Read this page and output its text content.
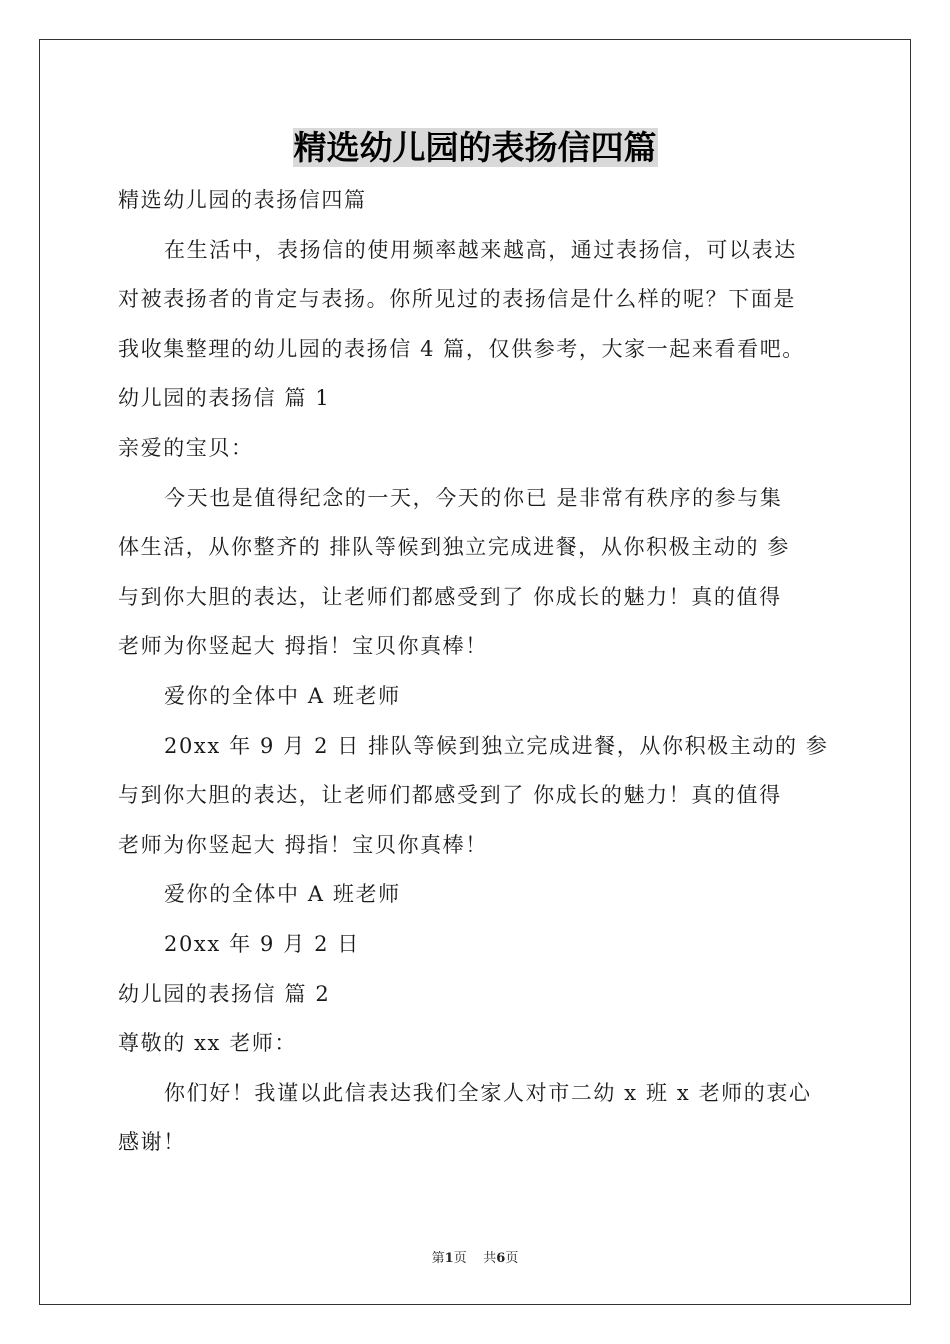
精选幼儿园的表扬信四篇
精选幼儿园的表扬信四篇
在生活中，表扬信的使用频率越来越高，通过表扬信，可以表达
对被表扬者的肯定与表扬。你所见过的表扬信是什么样的呢？下面是
我收集整理的幼儿园的表扬信 4 篇，仅供参考，大家一起来看看吧。
幼儿园的表扬信 篇 1
亲爱的宝贝：
今天也是值得纪念的一天，今天的你已 是非常有秩序的参与集
体生活，从你整齐的 排队等候到独立完成进餐，从你积极主动的 参
与到你大胆的表达，让老师们都感受到了 你成长的魅力！真的值得
老师为你竖起大 拇指！宝贝你真棒！
爱你的全体中 A 班老师
20xx 年 9 月 2 日 排队等候到独立完成进餐，从你积极主动的 参
与到你大胆的表达，让老师们都感受到了 你成长的魅力！真的值得
老师为你竖起大 拇指！宝贝你真棒！
爱你的全体中 A 班老师
20xx 年 9 月 2 日
幼儿园的表扬信 篇 2
尊敬的 xx 老师：
你们好！我谨以此信表达我们全家人对市二幼 x 班 x 老师的衷心
感谢！
第1页 共6页
